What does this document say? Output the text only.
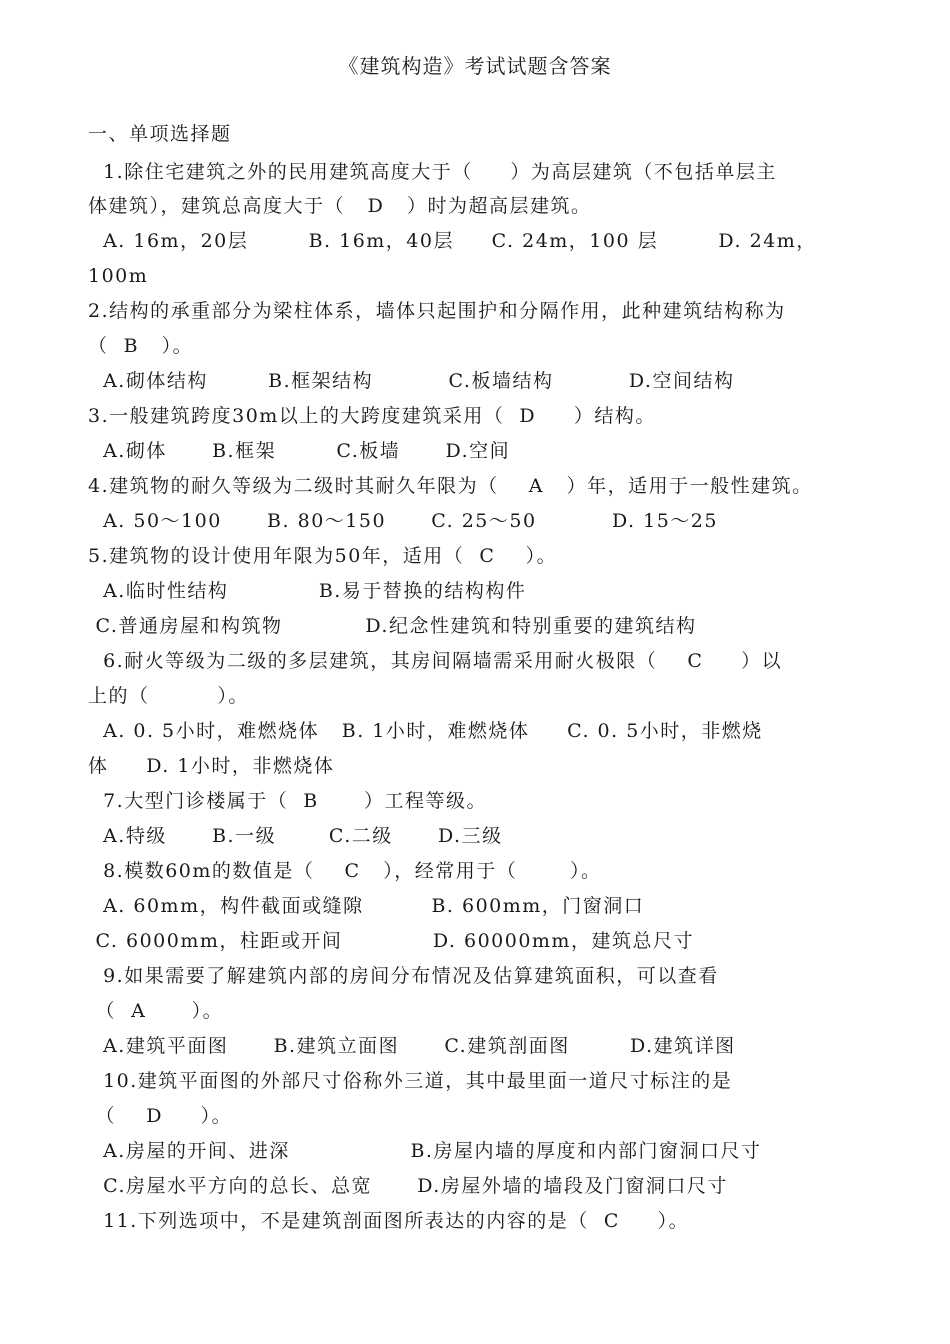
《建筑构造》考试试题含答案
一、单项选择题
1.除住宅建筑之外的民用建筑高度大于（     ）为高层建筑（不包括单层主
体建筑），建筑总高度大于（   D   ）时为超高层建筑。
A. 16m，20层        B. 16m，40层     C. 24m，100 层        D. 24m，
100m
2.结构的承重部分为梁柱体系，墙体只起围护和分隔作用，此种建筑结构称为
（  B   ）。
A.砌体结构        B.框架结构          C.板墙结构          D.空间结构
3.一般建筑跨度30m以上的大跨度建筑采用（  D     ）结构。
A.砌体      B.框架        C.板墙      D.空间
4.建筑物的耐久等级为二级时其耐久年限为（    A   ）年，适用于一般性建筑。
A. 50～100      B. 80～150      C. 25～50          D. 15～25
5.建筑物的设计使用年限为50年，适用（  C    ）。
A.临时性结构            B.易于替换的结构构件
C.普通房屋和构筑物           D.纪念性建筑和特别重要的建筑结构
6.耐火等级为二级的多层建筑，其房间隔墙需采用耐火极限（    C     ）以
上的（         ）。
A. 0. 5小时，难燃烧体   B. 1小时，难燃烧体     C. 0. 5小时，非燃烧
体     D. 1小时，非燃烧体
7.大型门诊楼属于（  B      ）工程等级。
A.特级      B.一级       C.二级      D.三级
8.模数60m的数值是（    C   ），经常用于（       ）。
A. 60mm，构件截面或缝隙         B. 600mm，门窗洞口
C. 6000mm，柱距或开间            D. 60000mm，建筑总尺寸
9.如果需要了解建筑内部的房间分布情况及估算建筑面积，可以查看
（  A      ）。
A.建筑平面图      B.建筑立面图      C.建筑剖面图        D.建筑详图
10.建筑平面图的外部尺寸俗称外三道，其中最里面一道尺寸标注的是
（    D     ）。
A.房屋的开间、进深                B.房屋内墙的厚度和内部门窗洞口尺寸
C.房屋水平方向的总长、总宽      D.房屋外墙的墙段及门窗洞口尺寸
11.下列选项中，不是建筑剖面图所表达的内容的是（  C     ）。
